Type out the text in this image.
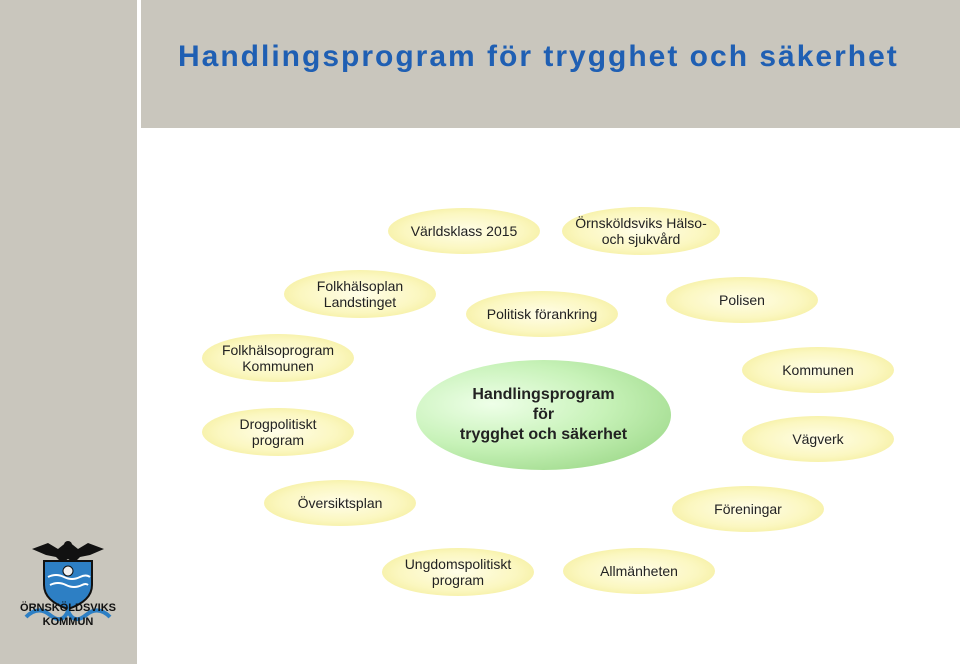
Handlingsprogram för trygghet och säkerhet
Världsklass 2015	Örnsköldsviks Hälso-
och sjukvård
Folkhälsoplan
Landstinget
Politisk förankring
Polisen
Folkhälsoprogram
Kommunen	Kommunen
Handlingsprogram
för
trygghet och säkerhet
Drogpolitiskt
program	Vägverk
Översiktsplan	Föreningar
Ungdomspolitiskt
program
Allmänheten
ÖRNSKÖLDSVIKS
KOMMUN
